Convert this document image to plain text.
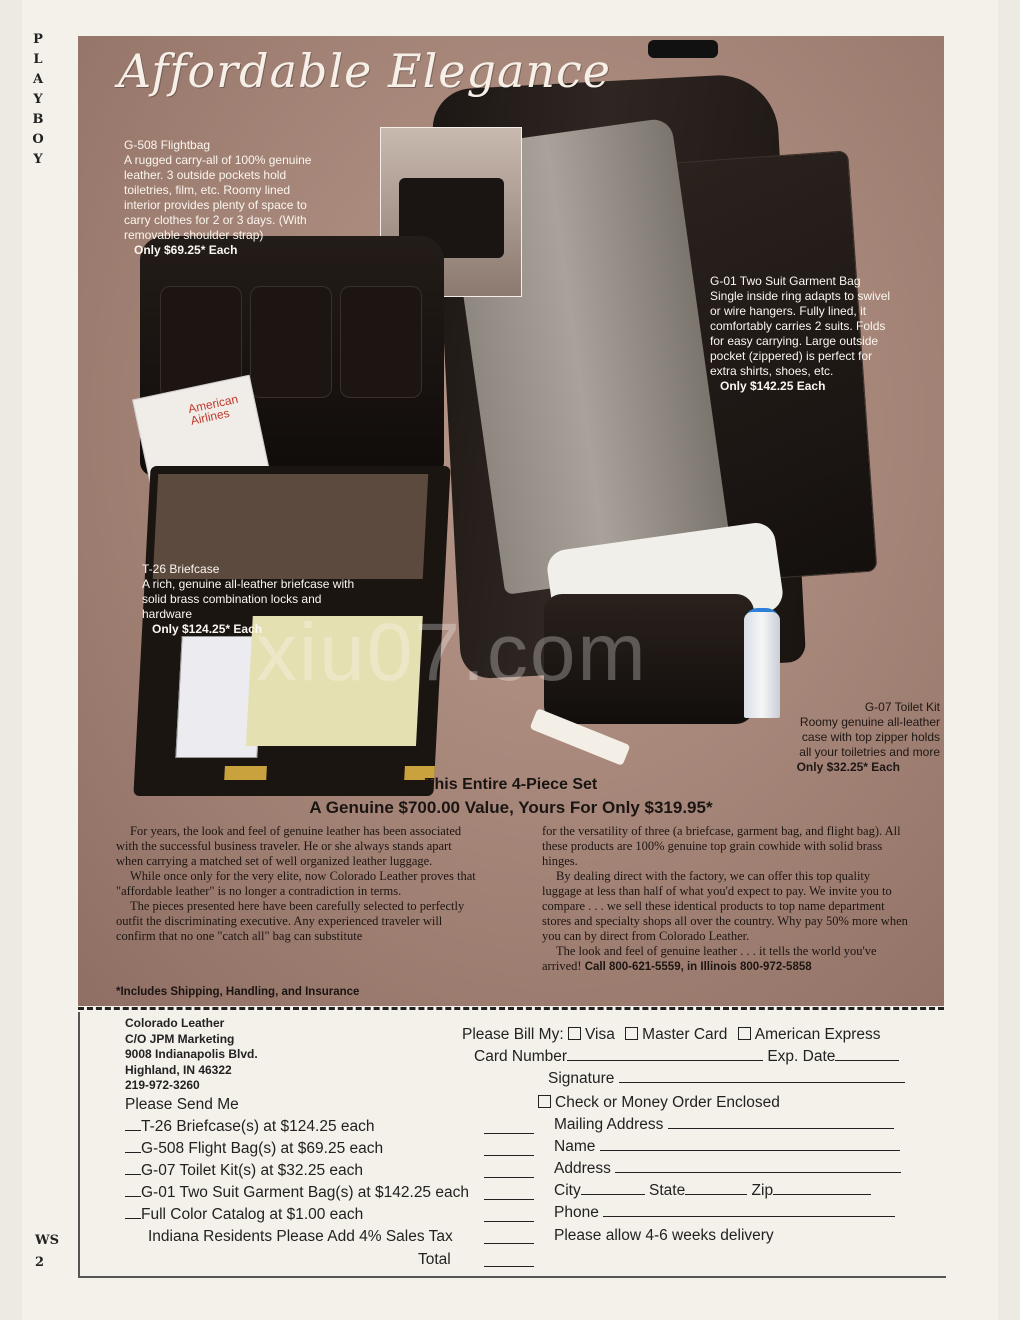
P
L
A
Y
B
O
Y
WS
2
American Airlines
Affordable Elegance
G-508 Flightbag
A rugged carry-all of 100% genuine
leather. 3 outside pockets hold
toiletries, film, etc. Roomy lined
interior provides plenty of space to
carry clothes for 2 or 3 days. (With
removable shoulder strap)
Only $69.25* Each
G-01 Two Suit Garment Bag
Single inside ring adapts to swivel
or wire hangers. Fully lined, it
comfortably carries 2 suits. Folds
for easy carrying. Large outside
pocket (zippered) is perfect for
extra shirts, shoes, etc.
Only $142.25 Each
T-26 Briefcase
A rich, genuine all-leather briefcase with
solid brass combination locks and
hardware
Only $124.25* Each
G-07 Toilet Kit
Roomy genuine all-leather
case with top zipper holds
all your toiletries and more
Only $32.25* Each
xiu07.com
This Entire 4-Piece Set
A Genuine $700.00 Value, Yours For Only $319.95*

For years, the look and feel of genuine leather has been associated with the successful business traveler. He or she always stands apart when carrying a matched set of well organized leather luggage.

While once only for the very elite, now Colorado Leather proves that "affordable leather" is no longer a contradiction in terms.

The pieces presented here have been carefully selected to perfectly outfit the discriminating executive. Any experienced traveler will confirm that no one "catch all" bag can substitute

for the versatility of three (a briefcase, garment bag, and flight bag). All these products are 100% genuine top grain cowhide with solid brass hinges.

By dealing direct with the factory, we can offer this top quality luggage at less than half of what you'd expect to pay. We invite you to compare . . . we sell these identical products to top name department stores and specialty shops all over the country. Why pay 50% more when you can by direct from Colorado Leather.

The look and feel of genuine leather . . . it tells the world you've arrived! Call 800-621-5559, in Illinois 800-972-5858

*Includes Shipping, Handling, and Insurance
Colorado Leather
C/O JPM Marketing
9008 Indianapolis Blvd.
Highland, IN 46322
219-972-3260
Please Send Me
T-26 Briefcase(s) at $124.25 each
G-508 Flight Bag(s) at $69.25 each
G-07 Toilet Kit(s) at $32.25 each
G-01 Two Suit Garment Bag(s) at $142.25 each
Full Color Catalog at $1.00 each
Indiana Residents Please Add 4% Sales Tax
Total
Please Bill My: Visa Master Card American Express
Card Number	Exp. Date
Signature
Check or Money Order Enclosed
Mailing Address
Name
Address
City	State	Zip
Phone
Please allow 4-6 weeks delivery
